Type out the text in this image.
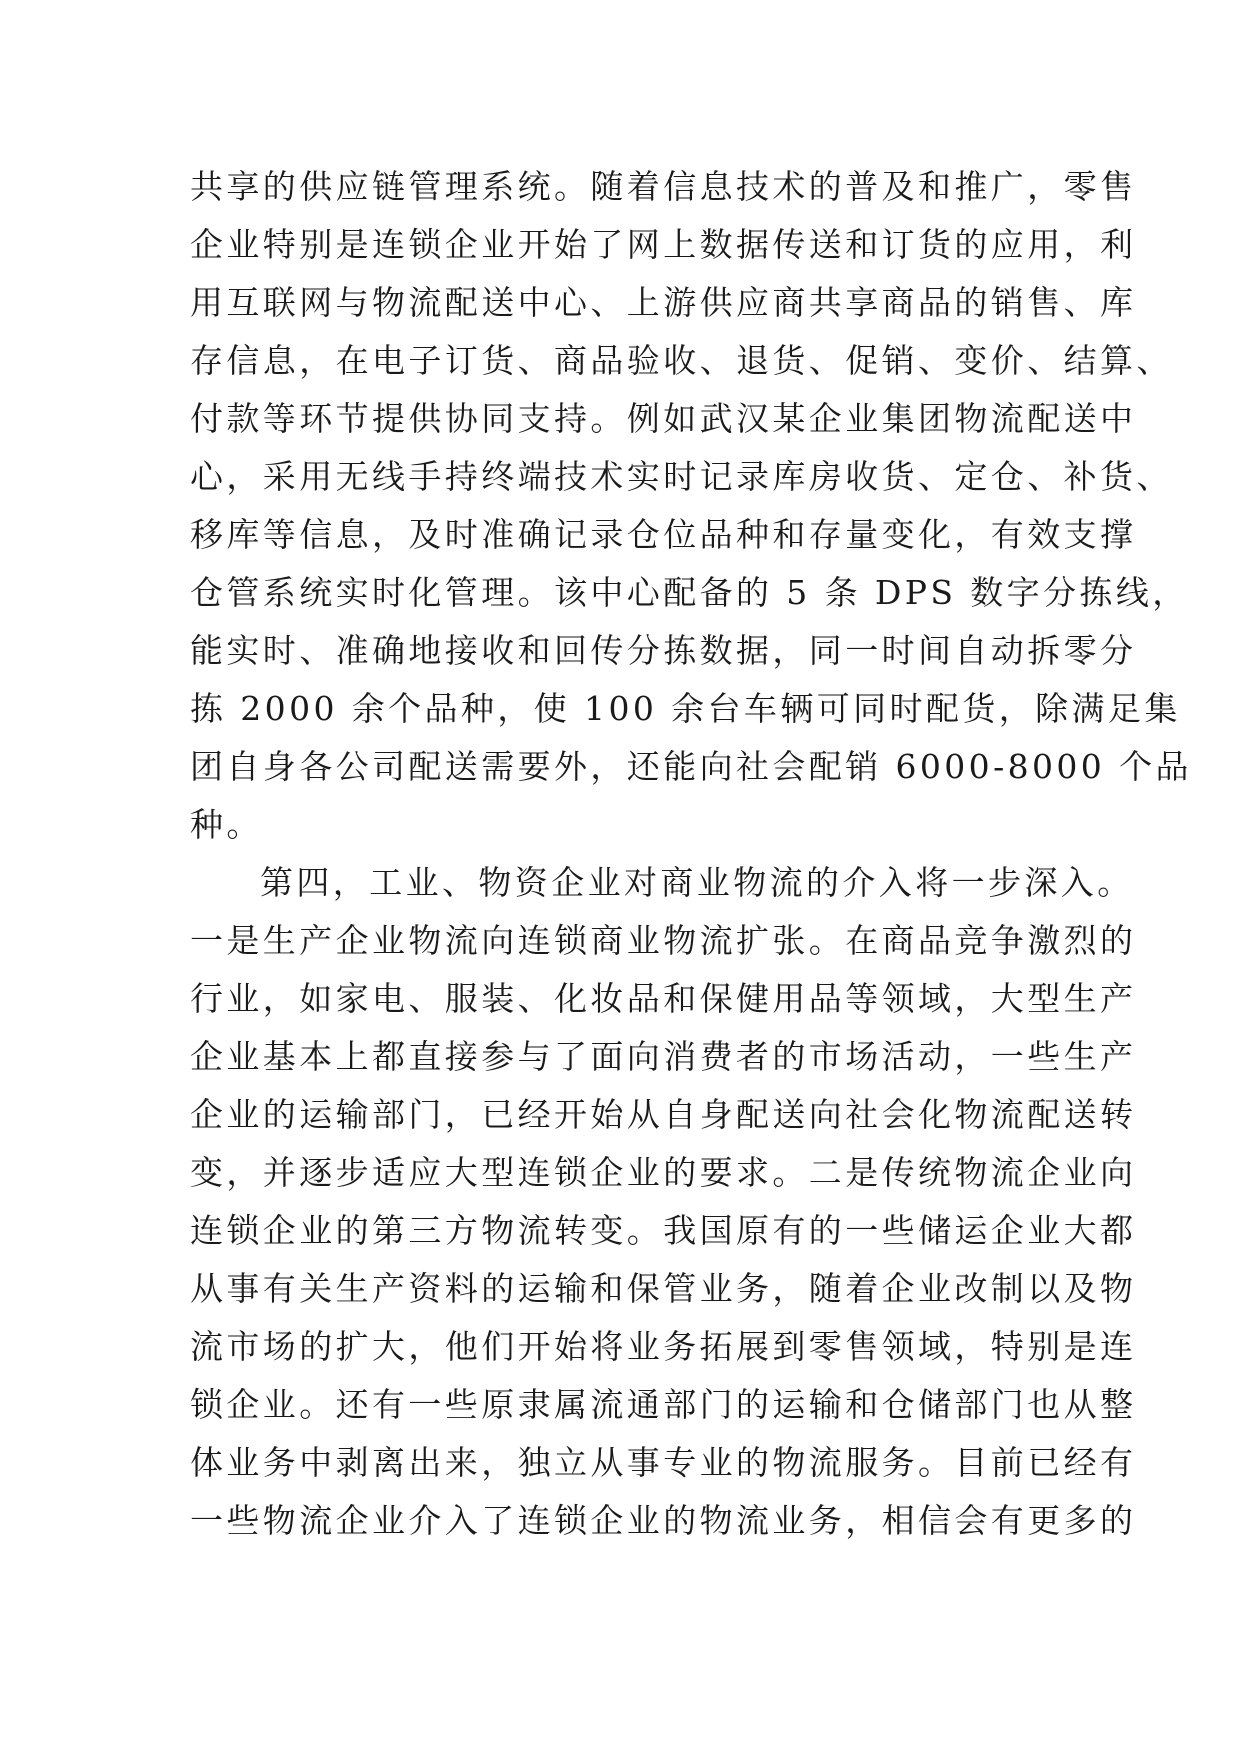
共享的供应链管理系统。随着信息技术的普及和推广，零售
企业特别是连锁企业开始了网上数据传送和订货的应用，利
用互联网与物流配送中心、上游供应商共享商品的销售、库
存信息，在电子订货、商品验收、退货、促销、变价、结算、
付款等环节提供协同支持。例如武汉某企业集团物流配送中
心，采用无线手持终端技术实时记录库房收货、定仓、补货、
移库等信息，及时准确记录仓位品种和存量变化，有效支撑
仓管系统实时化管理。该中心配备的 5 条 DPS 数字分拣线，
能实时、准确地接收和回传分拣数据，同一时间自动拆零分
拣 2000 余个品种，使 100 余台车辆可同时配货，除满足集
团自身各公司配送需要外，还能向社会配销 6000-8000 个品
种。
第四，工业、物资企业对商业物流的介入将一步深入。
一是生产企业物流向连锁商业物流扩张。在商品竞争激烈的
行业，如家电、服装、化妆品和保健用品等领域，大型生产
企业基本上都直接参与了面向消费者的市场活动，一些生产
企业的运输部门，已经开始从自身配送向社会化物流配送转
变，并逐步适应大型连锁企业的要求。二是传统物流企业向
连锁企业的第三方物流转变。我国原有的一些储运企业大都
从事有关生产资料的运输和保管业务，随着企业改制以及物
流市场的扩大，他们开始将业务拓展到零售领域，特别是连
锁企业。还有一些原隶属流通部门的运输和仓储部门也从整
体业务中剥离出来，独立从事专业的物流服务。目前已经有
一些物流企业介入了连锁企业的物流业务，相信会有更多的
